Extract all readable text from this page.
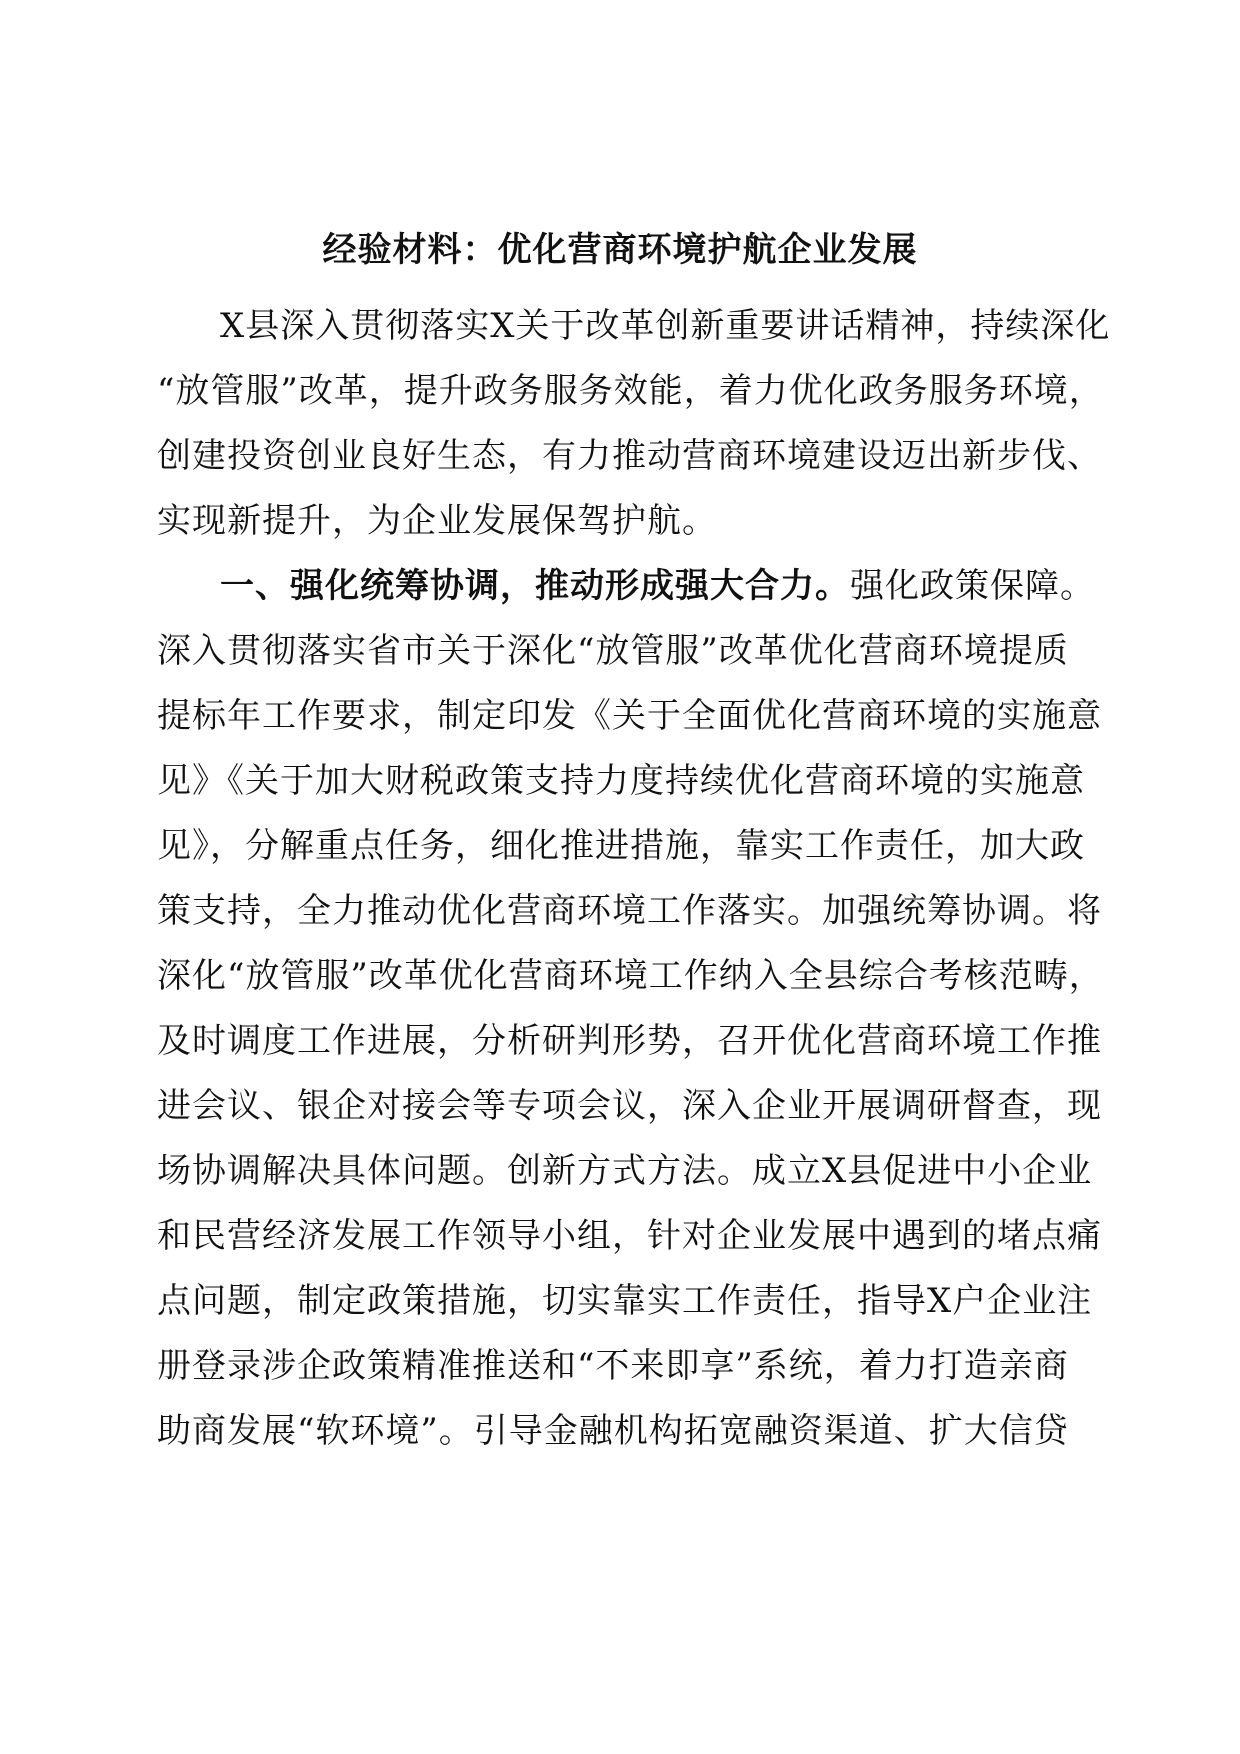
经验材料：优化营商环境护航企业发展
X县深入贯彻落实X关于改革创新重要讲话精神，持续深化
“放管服”改革，提升政务服务效能，着力优化政务服务环境，
创建投资创业良好生态，有力推动营商环境建设迈出新步伐、
实现新提升，为企业发展保驾护航。
一、强化统筹协调，推动形成强大合力。强化政策保障。
深入贯彻落实省市关于深化“放管服”改革优化营商环境提质
提标年工作要求，制定印发《关于全面优化营商环境的实施意
见》《关于加大财税政策支持力度持续优化营商环境的实施意
见》，分解重点任务，细化推进措施，靠实工作责任，加大政
策支持，全力推动优化营商环境工作落实。加强统筹协调。将
深化“放管服”改革优化营商环境工作纳入全县综合考核范畴，
及时调度工作进展，分析研判形势，召开优化营商环境工作推
进会议、银企对接会等专项会议，深入企业开展调研督查，现
场协调解决具体问题。创新方式方法。成立X县促进中小企业
和民营经济发展工作领导小组，针对企业发展中遇到的堵点痛
点问题，制定政策措施，切实靠实工作责任，指导X户企业注
册登录涉企政策精准推送和“不来即享”系统，着力打造亲商
助商发展“软环境”。引导金融机构拓宽融资渠道、扩大信贷
